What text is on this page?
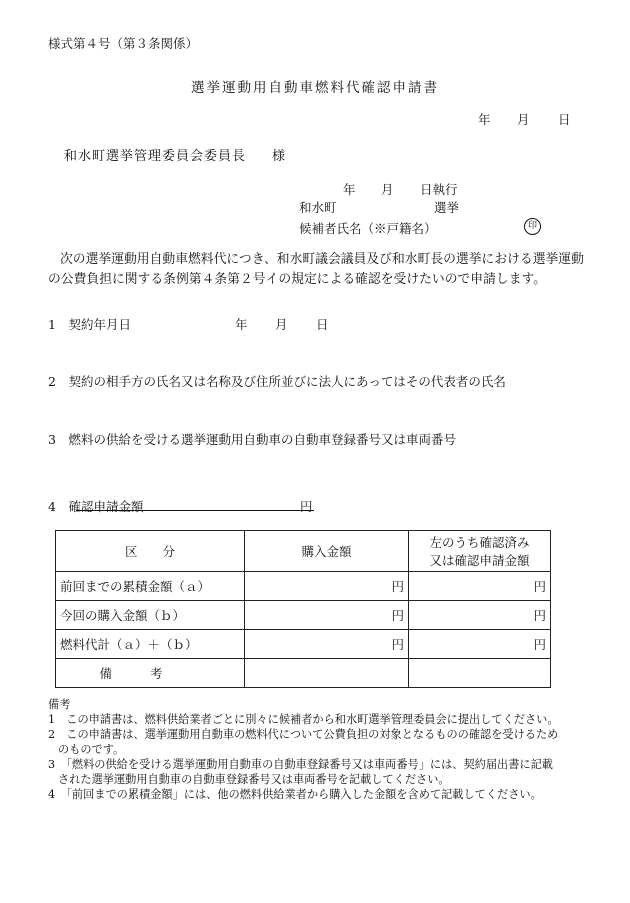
様式第４号（第３条関係）
選挙運動用自動車燃料代確認申請書
年 月 日
和水町選挙管理委員会委員長 様
年 月 日執行
和水町	選挙
候補者氏名（※戸籍名）	印
次の選挙運動用自動車燃料代につき、和水町議会議員及び和水町長の選挙における選挙運動の公費負担に関する条例第４条第２号イの規定による確認を受けたいので申請します。
1　契約年月日	年 月 日
2　契約の相手方の氏名又は名称及び住所並びに法人にあってはその代表者の氏名
3　燃料の供給を受ける選挙運動用自動車の自動車登録番号又は車両番号
4　確認申請金額	円
区　　分	購入金額	左のうち確認済み
又は確認申請金額

前回までの累積金額（ａ）	円	円
今回の購入金額（ｂ）	円	円
燃料代計（ａ）＋（ｂ）	円	円
備考		
備考
1　この申請書は、燃料供給業者ごとに別々に候補者から和水町選挙管理委員会に提出してください。
2　この申請書は、選挙運動用自動車の燃料代について公費負担の対象となるものの確認を受けるため
のものです。
3　「燃料の供給を受ける選挙運動用自動車の自動車登録番号又は車両番号」には、契約届出書に記載
された選挙運動用自動車の自動車登録番号又は車両番号を記載してください。
4　「前回までの累積金額」には、他の燃料供給業者から購入した金額を含めて記載してください。
